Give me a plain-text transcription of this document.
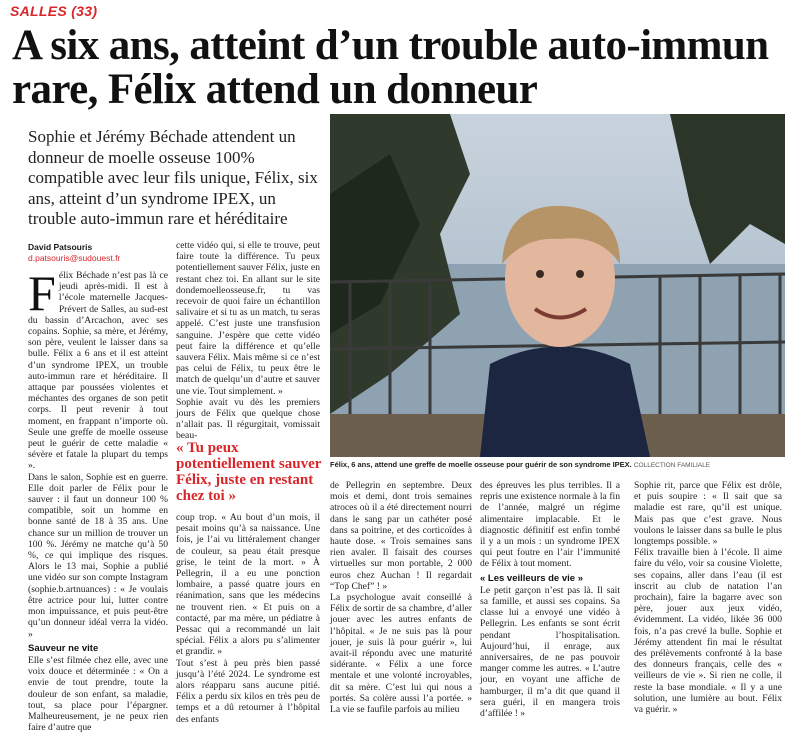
SALLES (33)
A six ans, atteint d’un trouble auto-immun rare, Félix attend un donneur

Sophie et Jérémy Béchade attendent un donneur de moelle osseuse 100% compatible avec leur fils unique, Félix, six ans, atteint d’un syndrome IPEX, un trouble auto-immun rare et héréditaire

Félix, 6 ans, attend une greffe de moelle osseuse pour guérir de son syndrome IPEX. COLLECTION FAMILIALE

David Patsouris
d.patsouris@sudouest.fr

Félix Béchade n’est pas là ce jeudi après-midi. Il est à l’école maternelle Jacques-Prévert de Salles, au sud-est du bassin d’Arcachon, avec ses copains. Sophie, sa mère, et Jérémy, son père, veulent le laisser dans sa bulle. Félix a 6 ans et il est atteint d’un syndrome IPEX, un trouble auto-immun rare et héréditaire. Il attaque par poussées violentes et méchantes des organes de son petit corps. Il peut revenir à tout moment, en frappant n’importe où. Seule une greffe de moelle osseuse peut le guérir de cette maladie « sévère et fatale la plupart du temps ».

Dans le salon, Sophie est en guerre. Elle doit parler de Félix pour le sauver : il faut un donneur 100 % compatible, soit un homme en bonne santé de 18 à 35 ans. Une chance sur un million de trouver un 100 %. Jérémy ne matche qu’à 50 %, ce qui implique des risques. Alors le 13 mai, Sophie a publié une vidéo sur son compte Instagram (sophie.b.artnuances) : « Je voulais être actrice pour lui, lutter contre mon impuissance, et puis peut-être qu’un donneur idéal verra la vidéo. »

Sauveur ne vite

Elle s’est filmée chez elle, avec une voix douce et déterminée : « On a envie de tout prendre, toute la douleur de son enfant, sa maladie, tout, sa place pour l’épargner. Malheureusement, je ne peux rien faire d’autre que

cette vidéo qui, si elle te trouve, peut faire toute la différence. Tu peux potentiellement sauver Félix, juste en restant chez toi. En allant sur le site dondemoelleosseuse.fr, tu vas recevoir de quoi faire un échantillon salivaire et si tu as un match, tu seras appelé. C’est juste une transfusion sanguine. J’espère que cette vidéo peut faire la différence et qu’elle sauvera Félix. Mais même si ce n’est pas celui de Félix, tu peux être le match de quelqu’un d’autre et sauver une vie. Tout simplement. »

Sophie avait vu dès les premiers jours de Félix que quelque chose n’allait pas. Il régurgitait, vomissait beau-

« Tu peux potentiellement sauver Félix, juste en restant chez toi »

coup trop. « Au bout d’un mois, il pesait moins qu’à sa naissance. Une fois, je l’ai vu littéralement changer de couleur, sa peau était presque grise, le teint de la mort. » À Pellegrin, il a eu une ponction lombaire, a passé quatre jours en réanimation, sans que les médecins ne trouvent rien. « Et puis on a contacté, par ma mère, un pédiatre à Pessac qui a recommandé un lait spécial. Félix a alors pu s’alimenter et grandir. »

Tout s’est à peu près bien passé jusqu’à l’été 2024. Le syndrome est alors réapparu sans aucune pitié. Félix a perdu six kilos en très peu de temps et a dû retourner à l’hôpital des enfants

de Pellegrin en septembre. Deux mois et demi, dont trois semaines atroces où il a été directement nourri dans le sang par un cathéter posé dans sa poitrine, et des corticoïdes à haute dose. « Trois semaines sans rien avaler. Il faisait des courses virtuelles sur mon portable, 2 000 euros chez Auchan ! Il regardait “Top Chef” ! »

La psychologue avait conseillé à Félix de sortir de sa chambre, d’aller jouer avec les autres enfants de l’hôpital. « Je ne suis pas là pour jouer, je suis là pour guérir », lui avait-il répondu avec une maturité sidérante. « Félix a une force mentale et une volonté incroyables, dit sa mère. C’est lui qui nous a portés. Sa colère aussi l’a portée. » La vie se faufile parfois au milieu

des épreuves les plus terribles. Il a repris une existence normale à la fin de l’année, malgré un régime alimentaire implacable. Et le diagnostic définitif est enfin tombé il y a un mois : un syndrome IPEX qui peut foutre en l’air l’immunité de Félix à tout moment.

« Les veilleurs de vie »

Le petit garçon n’est pas là. Il sait sa famille, et aussi ses copains. Sa classe lui a envoyé une vidéo à Pellegrin. Les enfants se sont écrit pendant l’hospitalisation. Aujourd’hui, il enrage, aux anniversaires, de ne pas pouvoir manger comme les autres. « L’autre jour, en voyant une affiche de hamburger, il m’a dit que quand il sera guéri, il en mangera trois d’affilée ! »

Sophie rit, parce que Félix est drôle, et puis soupire : « Il sait que sa maladie est rare, qu’il est unique. Mais pas que c’est grave. Nous voulons le laisser dans sa bulle le plus longtemps possible. »

Félix travaille bien à l’école. Il aime faire du vélo, voir sa cousine Violette, ses copains, aller dans l’eau (il est inscrit au club de natation l’an prochain), faire la bagarre avec son père, jouer aux jeux vidéo, évidemment. La vidéo, likée 36 000 fois, n’a pas crevé la bulle. Sophie et Jérémy attendent fin mai le résultat des prélèvements confronté à la base des donneurs français, celle des « veilleurs de vie ». Si rien ne colle, il reste la base mondiale. « Il y a une solution, une lumière au bout. Félix va guérir. »
